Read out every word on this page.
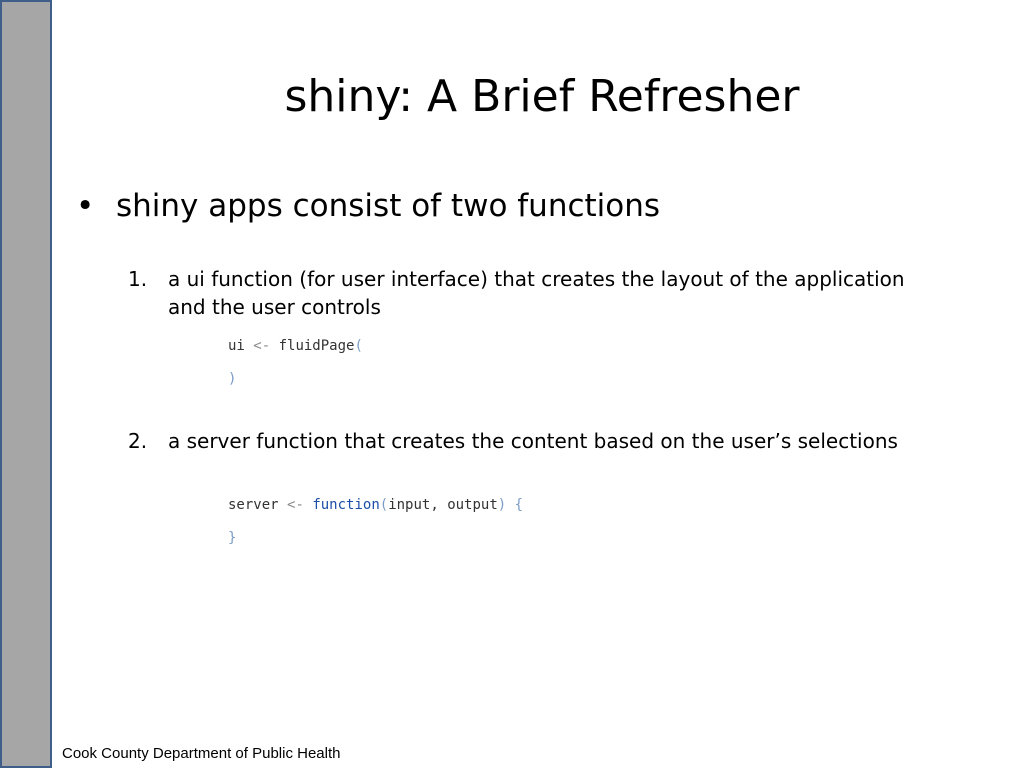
shiny: A Brief Refresher
• shiny apps consist of two functions
1. a ui function (for user interface) that creates the layout of the application and the user controls
ui <- fluidPage(
)
2. a server function that creates the content based on the user’s selections
server <- function(input, output) {
}
Cook County Department of Public Health
